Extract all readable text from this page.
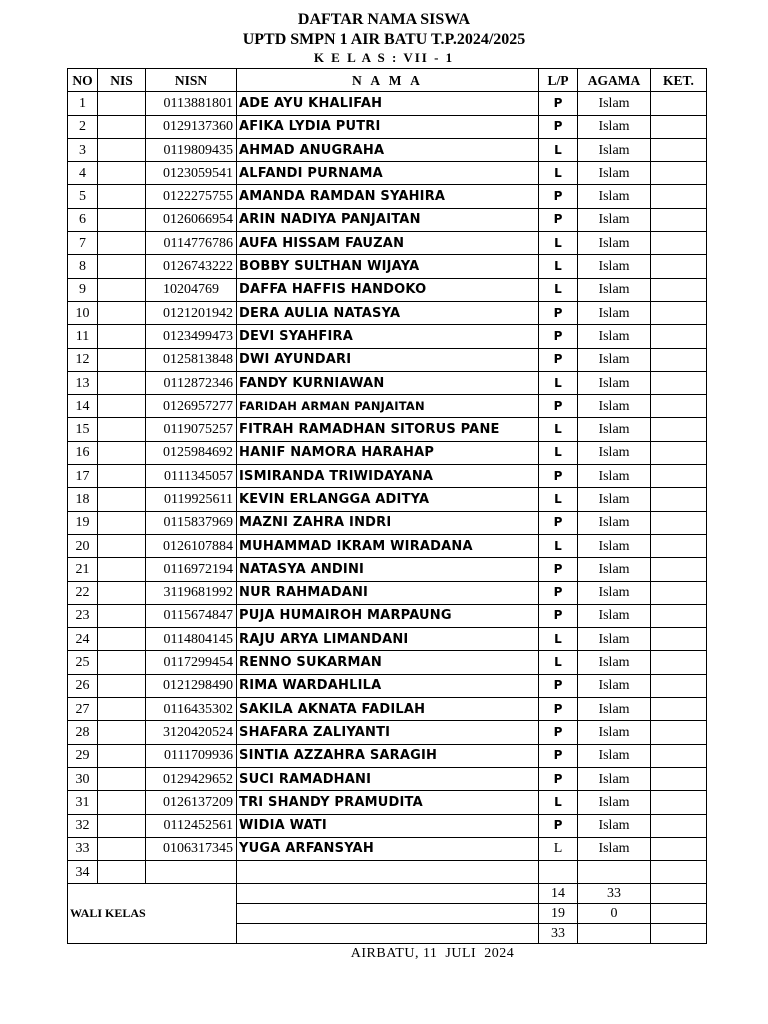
DAFTAR NAMA SISWA
UPTD SMPN 1 AIR BATU T.P.2024/2025
K E L A S : VII - 1
NO	NIS	NISN	N A M A	L/P	AGAMA	KET.
1		0113881801	ADE AYU KHALIFAH	P	Islam	
2		0129137360	AFIKA LYDIA PUTRI	P	Islam	
3		0119809435	AHMAD ANUGRAHA	L	Islam	
4		0123059541	ALFANDI PURNAMA	L	Islam	
5		0122275755	AMANDA RAMDAN SYAHIRA	P	Islam	
6		0126066954	ARIN NADIYA PANJAITAN	P	Islam	
7		0114776786	AUFA HISSAM FAUZAN	L	Islam	
8		0126743222	BOBBY SULTHAN WIJAYA	L	Islam	
9		10204769	DAFFA HAFFIS HANDOKO	L	Islam	
10		0121201942	DERA AULIA NATASYA	P	Islam	
11		0123499473	DEVI SYAHFIRA	P	Islam	
12		0125813848	DWI AYUNDARI	P	Islam	
13		0112872346	FANDY KURNIAWAN	L	Islam	
14		0126957277	FARIDAH ARMAN PANJAITAN	P	Islam	
15		0119075257	FITRAH RAMADHAN SITORUS PANE	L	Islam	
16		0125984692	HANIF NAMORA HARAHAP	L	Islam	
17		0111345057	ISMIRANDA TRIWIDAYANA	P	Islam	
18		0119925611	KEVIN ERLANGGA ADITYA	L	Islam	
19		0115837969	MAZNI ZAHRA INDRI	P	Islam	
20		0126107884	MUHAMMAD IKRAM WIRADANA	L	Islam	
21		0116972194	NATASYA ANDINI	P	Islam	
22		3119681992	NUR RAHMADANI	P	Islam	
23		0115674847	PUJA HUMAIROH MARPAUNG	P	Islam	
24		0114804145	RAJU ARYA LIMANDANI	L	Islam	
25		0117299454	RENNO SUKARMAN	L	Islam	
26		0121298490	RIMA WARDAHLILA	P	Islam	
27		0116435302	SAKILA AKNATA FADILAH	P	Islam	
28		3120420524	SHAFARA ZALIYANTI	P	Islam	
29		0111709936	SINTIA AZZAHRA SARAGIH	P	Islam	
30		0129429652	SUCI RAMADHANI	P	Islam	
31		0126137209	TRI SHANDY PRAMUDITA	L	Islam	
32		0112452561	WIDIA WATI	P	Islam	
33		0106317345	YUGA ARFANSYAH	L	Islam	
34						
WALI KELAS				14	33	
				19	0	
				33		
AIRBATU, 11  JULI  2024
